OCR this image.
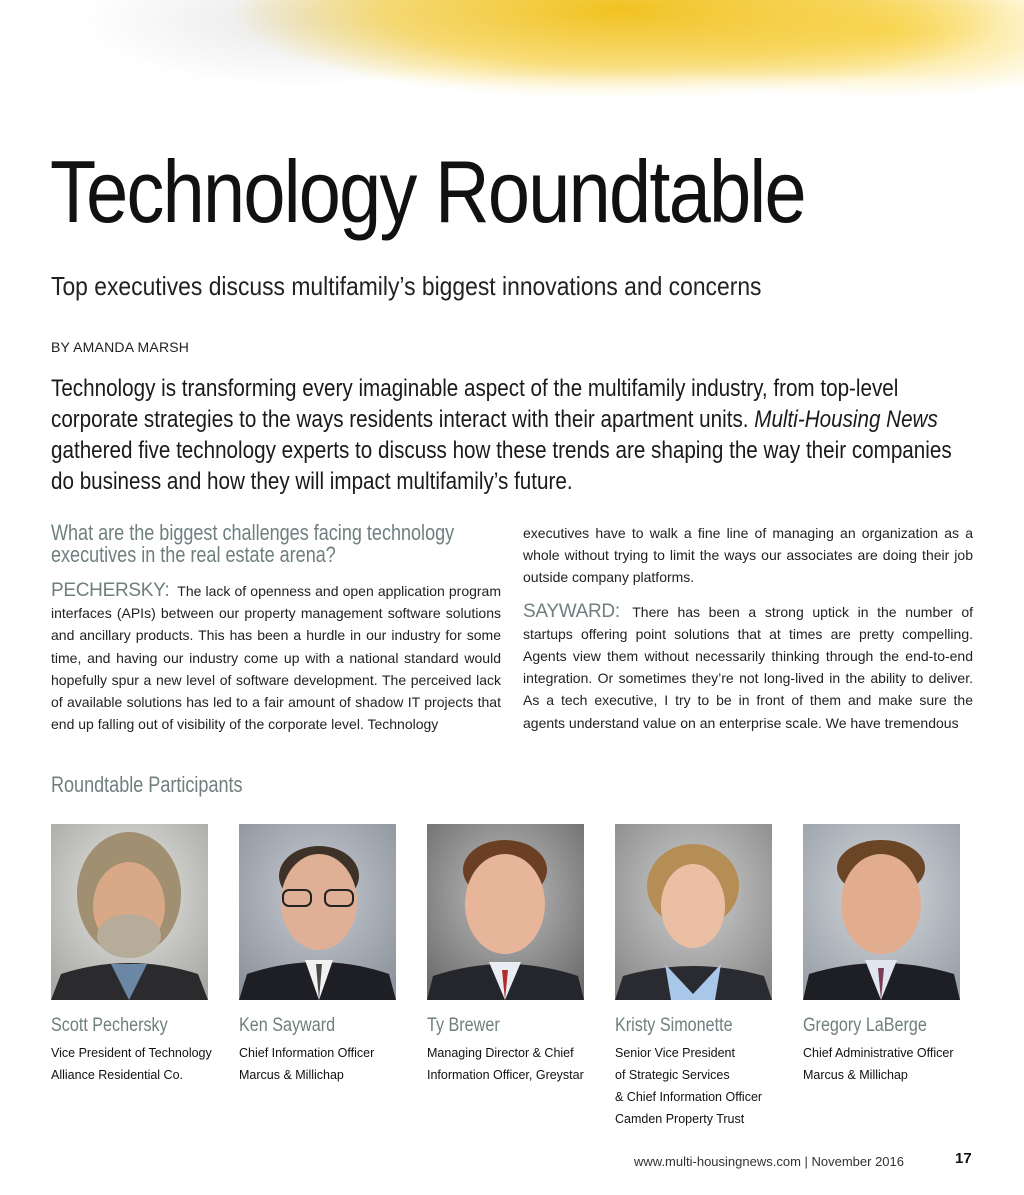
Technology Roundtable
Top executives discuss multifamily’s biggest innovations and concerns

BY AMANDA MARSH

Technology is transforming every imaginable aspect of the multifamily industry, from top-level corporate strategies to the ways residents interact with their apartment units. Multi-Housing News gathered five technology experts to discuss how these trends are shaping the way their companies do business and how they will impact multifamily’s future.

What are the biggest challenges facing technology executives in the real estate arena?

PECHERSKY: The lack of openness and open application program interfaces (APIs) between our property management software solutions and ancillary products. This has been a hurdle in our industry for some time, and having our industry come up with a national standard would hopefully spur a new level of software development. The perceived lack of available solutions has led to a fair amount of shadow IT projects that end up falling out of visibility of the corporate level. Technology

executives have to walk a fine line of managing an organization as a whole without trying to limit the ways our associates are doing their job outside company platforms.

SAYWARD: There has been a strong uptick in the number of startups offering point solutions that at times are pretty compelling. Agents view them without necessarily thinking through the end-to-end integration. Or sometimes they’re not long-lived in the ability to deliver. As a tech executive, I try to be in front of them and make sure the agents understand value on an enterprise scale. We have tremendous

Roundtable Participants

Scott Pechersky

Vice President of Technology

Alliance Residential Co.

Ken Sayward

Chief Information Officer

Marcus & Millichap

Ty Brewer

Managing Director & Chief

Information Officer, Greystar

Kristy Simonette

Senior Vice President

of Strategic Services

& Chief Information Officer

Camden Property Trust

Gregory LaBerge

Chief Administrative Officer

Marcus & Millichap

www.multi-housingnews.com | November 2016	17
